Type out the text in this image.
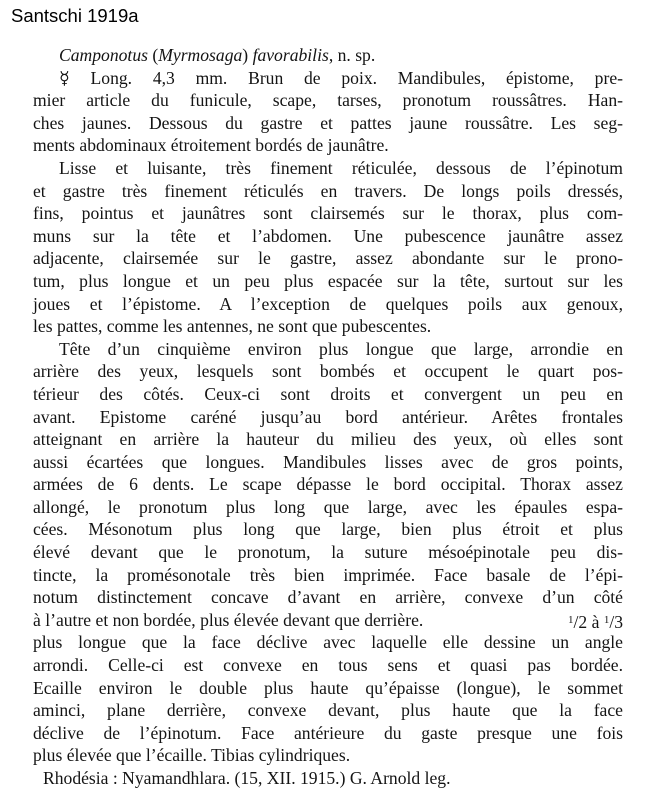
Santschi 1919a
Camponotus (Myrmosaga) favorabilis, n. sp.
☿ Long. 4,3 mm. Brun de poix. Mandibules, épistome, pre-
mier article du funicule, scape, tarses, pronotum roussâtres. Han-
ches jaunes. Dessous du gastre et pattes jaune roussâtre. Les seg-
ments abdominaux étroitement bordés de jaunâtre.
Lisse et luisante, très finement réticulée, dessous de l’épinotum
et gastre très finement réticulés en travers. De longs poils dressés,
fins, pointus et jaunâtres sont clairsemés sur le thorax, plus com-
muns sur la tête et l’abdomen. Une pubescence jaunâtre assez
adjacente, clairsemée sur le gastre, assez abondante sur le prono-
tum, plus longue et un peu plus espacée sur la tête, surtout sur les
joues et l’épistome. A l’exception de quelques poils aux genoux,
les pattes, comme les antennes, ne sont que pubescentes.
Tête d’un cinquième environ plus longue que large, arrondie en
arrière des yeux, lesquels sont bombés et occupent le quart pos-
térieur des côtés. Ceux-ci sont droits et convergent un peu en
avant. Epistome caréné jusqu’au bord antérieur. Arêtes frontales
atteignant en arrière la hauteur du milieu des yeux, où elles sont
aussi écartées que longues. Mandibules lisses avec de gros points,
armées de 6 dents. Le scape dépasse le bord occipital. Thorax assez
allongé, le pronotum plus long que large, avec les épaules espa-
cées. Mésonotum plus long que large, bien plus étroit et plus
élevé devant que le pronotum, la suture mésoépinotale peu dis-
tincte, la promésonotale très bien imprimée. Face basale de l’épi-
notum distinctement concave d’avant en arrière, convexe d’un côté
à l’autre et non bordée, plus élevée devant que derrière.	$^1$/2 à $^1$/3
plus longue que la face déclive avec laquelle elle dessine un angle
arrondi. Celle-ci est convexe en tous sens et quasi pas bordée.
Ecaille environ le double plus haute qu’épaisse (longue), le sommet
aminci, plane derrière, convexe devant, plus haute que la face
déclive de l’épinotum. Face antérieure du gaste presque une fois
plus élevée que l’écaille. Tibias cylindriques.
Rhodésia : Nyamandhlara. (15, XII. 1915.) G. Arnold leg.
